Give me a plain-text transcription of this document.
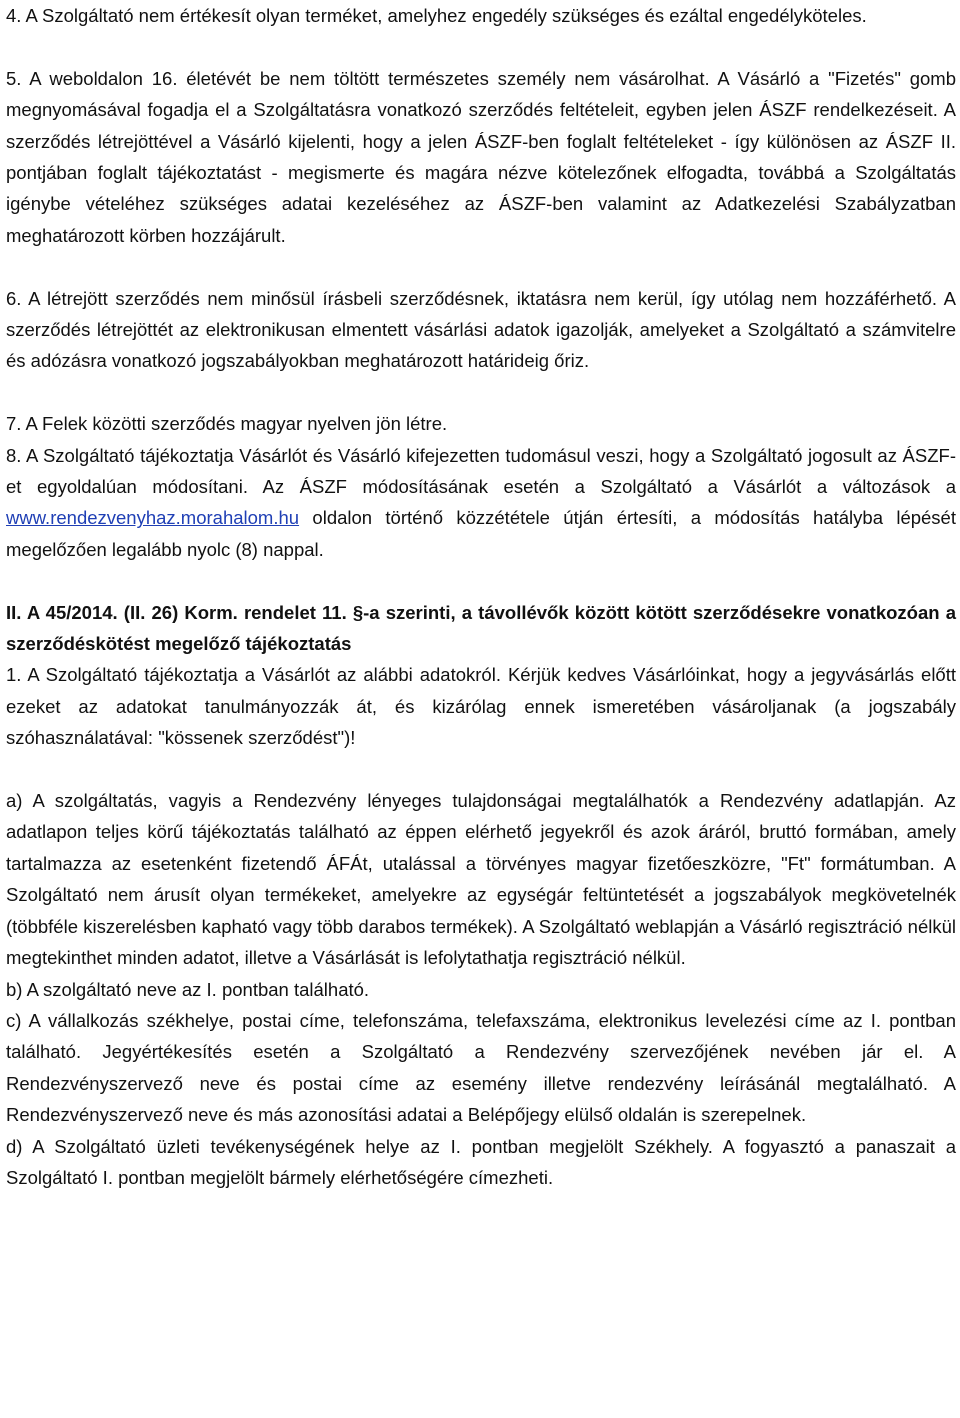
4. A Szolgáltató nem értékesít olyan terméket, amelyhez engedély szükséges és ezáltal engedélyköteles.

5. A weboldalon 16. életévét be nem töltött természetes személy nem vásárolhat. A Vásárló a "Fizetés" gomb megnyomásával fogadja el a Szolgáltatásra vonatkozó szerződés feltételeit, egyben jelen ÁSZF rendelkezéseit. A szerződés létrejöttével a Vásárló kijelenti, hogy a jelen ÁSZF-ben foglalt feltételeket - így különösen az ÁSZF II. pontjában foglalt tájékoztatást - megismerte és magára nézve kötelezőnek elfogadta, továbbá a Szolgáltatás igénybe vételéhez szükséges adatai kezeléséhez az ÁSZF-ben valamint az Adatkezelési Szabályzatban meghatározott körben hozzájárult.

6. A létrejött szerződés nem minősül írásbeli szerződésnek, iktatásra nem kerül, így utólag nem hozzáférhető. A szerződés létrejöttét az elektronikusan elmentett vásárlási adatok igazolják, amelyeket a Szolgáltató a számvitelre és adózásra vonatkozó jogszabályokban meghatározott határideig őriz.

7. A Felek közötti szerződés magyar nyelven jön létre.

8. A Szolgáltató tájékoztatja Vásárlót és Vásárló kifejezetten tudomásul veszi, hogy a Szolgáltató jogosult az ÁSZF-et egyoldalúan módosítani. Az ÁSZF módosításának esetén a Szolgáltató a Vásárlót a változások a www.rendezvenyhaz.morahalom.hu oldalon történő közzététele útján értesíti, a módosítás hatályba lépését megelőzően legalább nyolc (8) nappal.

II. A 45/2014. (II. 26) Korm. rendelet 11. §-a szerinti, a távollévők között kötött szerződésekre vonatkozóan a szerződéskötést megelőző tájékoztatás

1. A Szolgáltató tájékoztatja a Vásárlót az alábbi adatokról. Kérjük kedves Vásárlóinkat, hogy a jegyvásárlás előtt ezeket az adatokat tanulmányozzák át, és kizárólag ennek ismeretében vásároljanak (a jogszabály szóhasználatával: "kössenek szerződést")!

a) A szolgáltatás, vagyis a Rendezvény lényeges tulajdonságai megtalálhatók a Rendezvény adatlapján. Az adatlapon teljes körű tájékoztatás található az éppen elérhető jegyekről és azok áráról, bruttó formában, amely tartalmazza az esetenként fizetendő ÁFÁt, utalással a törvényes magyar fizetőeszközre, "Ft" formátumban. A Szolgáltató nem árusít olyan termékeket, amelyekre az egységár feltüntetését a jogszabályok megkövetelnék (többféle kiszerelésben kapható vagy több darabos termékek). A Szolgáltató weblapján a Vásárló regisztráció nélkül megtekinthet minden adatot, illetve a Vásárlását is lefolytathatja regisztráció nélkül.

b) A szolgáltató neve az I. pontban található.

c) A vállalkozás székhelye, postai címe, telefonszáma, telefaxszáma, elektronikus levelezési címe az I. pontban található. Jegyértékesítés esetén a Szolgáltató a Rendezvény szervezőjének nevében jár el. A Rendezvényszervező neve és postai címe az esemény illetve rendezvény leírásánál megtalálható. A Rendezvényszervező neve és más azonosítási adatai a Belépőjegy elülső oldalán is szerepelnek.

d) A Szolgáltató üzleti tevékenységének helye az I. pontban megjelölt Székhely. A fogyasztó a panaszait a Szolgáltató I. pontban megjelölt bármely elérhetőségére címezheti.
